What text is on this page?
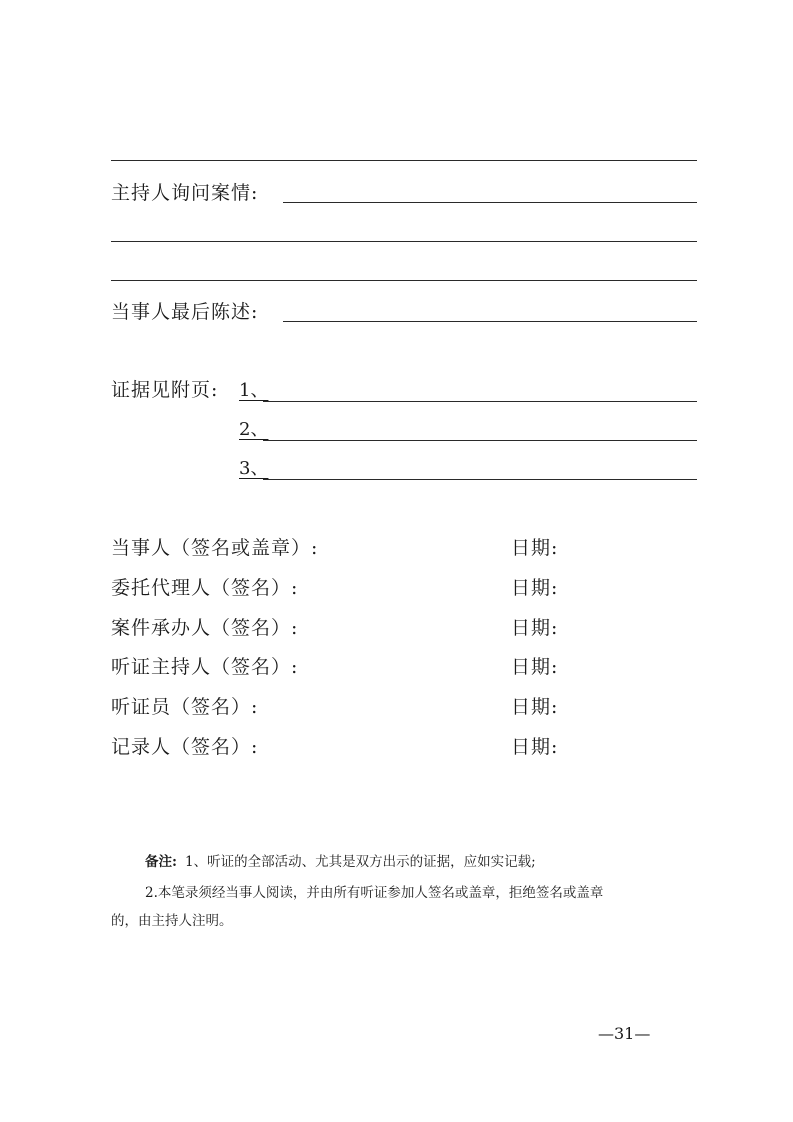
主持人询问案情:
当事人最后陈述:
证据见附页: 1、
2、
3、
当事人（签名或盖章）:	日期:
委托代理人（签名）:	日期:
案件承办人（签名）:	日期:
听证主持人（签名）:	日期:
听证员（签名）:	日期:
记录人（签名）:	日期:
备注: 1、听证的全部活动、尤其是双方出示的证据，应如实记载;
2.本笔录须经当事人阅读，并由所有听证参加人签名或盖章，拒绝签名或盖章
的，由主持人注明。
—31—
